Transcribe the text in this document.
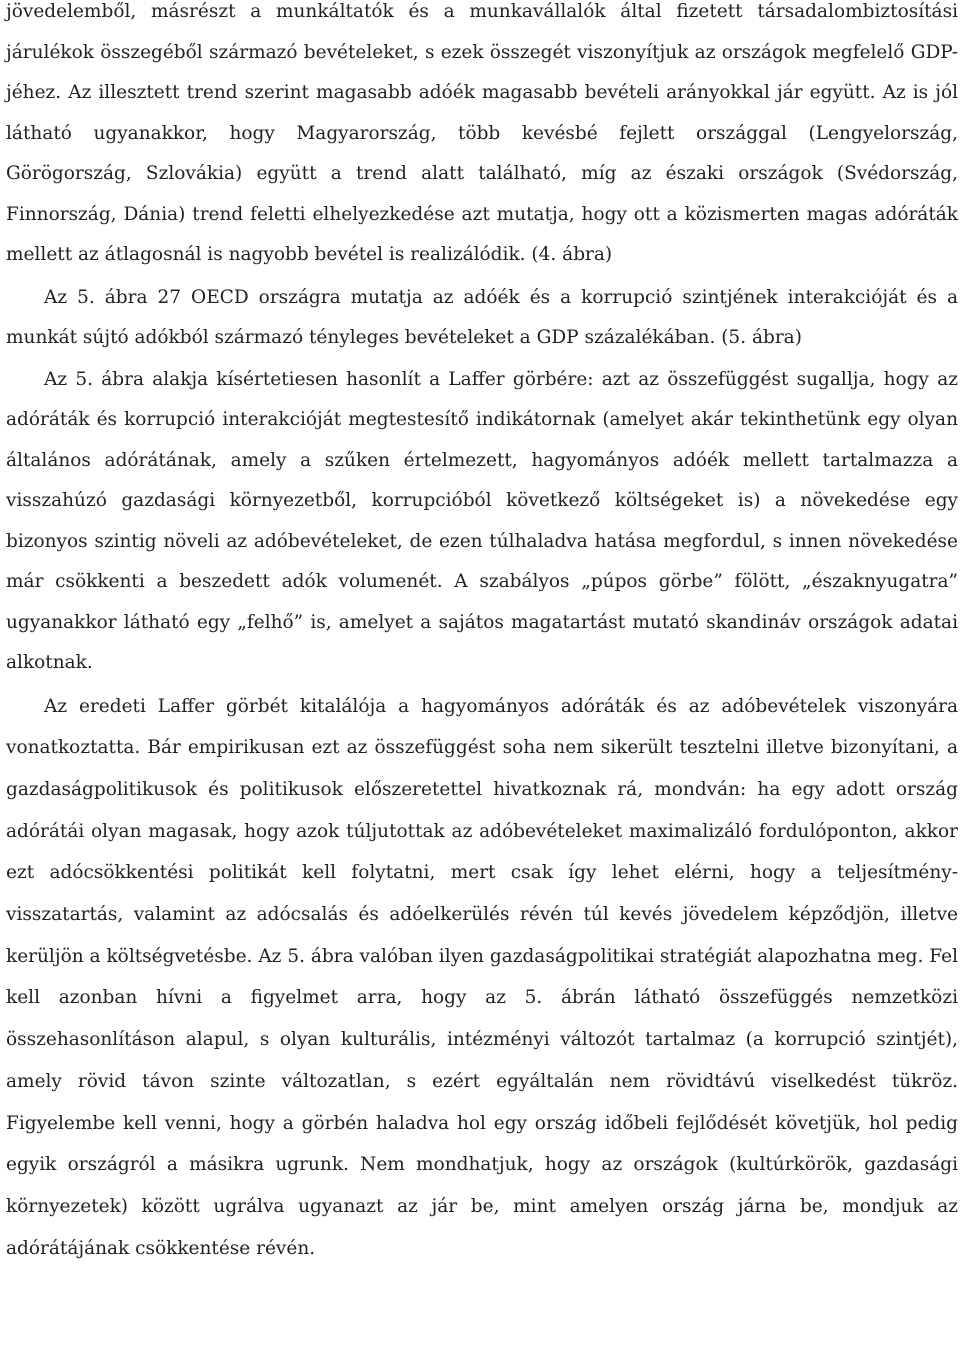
jövedelemből, másrészt a munkáltatók és a munkavállalók által fizetett társadalombiztosítási járulékok összegéből származó bevételeket, s ezek összegét viszonyítjuk az országok megfelelő GDP-jéhez. Az illesztett trend szerint magasabb adóék magasabb bevételi arányokkal jár együtt. Az is jól látható ugyanakkor, hogy Magyarország, több kevésbé fejlett országgal (Lengyelország, Görögország, Szlovákia) együtt a trend alatt található, míg az északi országok (Svédország, Finnország, Dánia) trend feletti elhelyezkedése azt mutatja, hogy ott a közismerten magas adóráták mellett az átlagosnál is nagyobb bevétel is realizálódik. (4. ábra)

Az 5. ábra 27 OECD országra mutatja az adóék és a korrupció szintjének interakcióját és a munkát sújtó adókból származó tényleges bevételeket a GDP százalékában. (5. ábra)

Az 5. ábra alakja kísértetiesen hasonlít a Laffer görbére: azt az összefüggést sugallja, hogy az adóráták és korrupció interakcióját megtestesítő indikátornak (amelyet akár tekinthetünk egy olyan általános adórátának, amely a szűken értelmezett, hagyományos adóék mellett tartalmazza a visszahúzó gazdasági környezetből, korrupcióból következő költségeket is) a növekedése egy bizonyos szintig növeli az adóbevételeket, de ezen túlhaladva hatása megfordul, s innen növekedése már csökkenti a beszedett adók volumenét. A szabályos „púpos görbe” fölött, „északnyugatra” ugyanakkor látható egy „felhő” is, amelyet a sajátos magatartást mutató skandináv országok adatai alkotnak.

Az eredeti Laffer görbét kitalálója a hagyományos adóráták és az adóbevételek viszonyára vonatkoztatta. Bár empirikusan ezt az összefüggést soha nem sikerült tesztelni illetve bizonyítani, a gazdaságpolitikusok és politikusok előszeretettel hivatkoznak rá, mondván: ha egy adott ország adórátái olyan magasak, hogy azok túljutottak az adóbevételeket maximalizáló fordulóponton, akkor ezt adócsökkentési politikát kell folytatni, mert csak így lehet elérni, hogy a teljesítmény-visszatartás, valamint az adócsalás és adóelkerülés révén túl kevés jövedelem képződjön, illetve kerüljön a költségvetésbe. Az 5. ábra valóban ilyen gazdaságpolitikai stratégiát alapozhatna meg. Fel kell azonban hívni a figyelmet arra, hogy az 5. ábrán látható összefüggés nemzetközi összehasonlításon alapul, s olyan kulturális, intézményi változót tartalmaz (a korrupció szintjét), amely rövid távon szinte változatlan, s ezért egyáltalán nem rövidtávú viselkedést tükröz. Figyelembe kell venni, hogy a görbén haladva hol egy ország időbeli fejlődését követjük, hol pedig egyik országról a másikra ugrunk. Nem mondhatjuk, hogy az országok (kultúrkörök, gazdasági környezetek) között ugrálva ugyanazt az jár be, mint amelyen ország járna be, mondjuk az adórátájának csökkentése révén.
